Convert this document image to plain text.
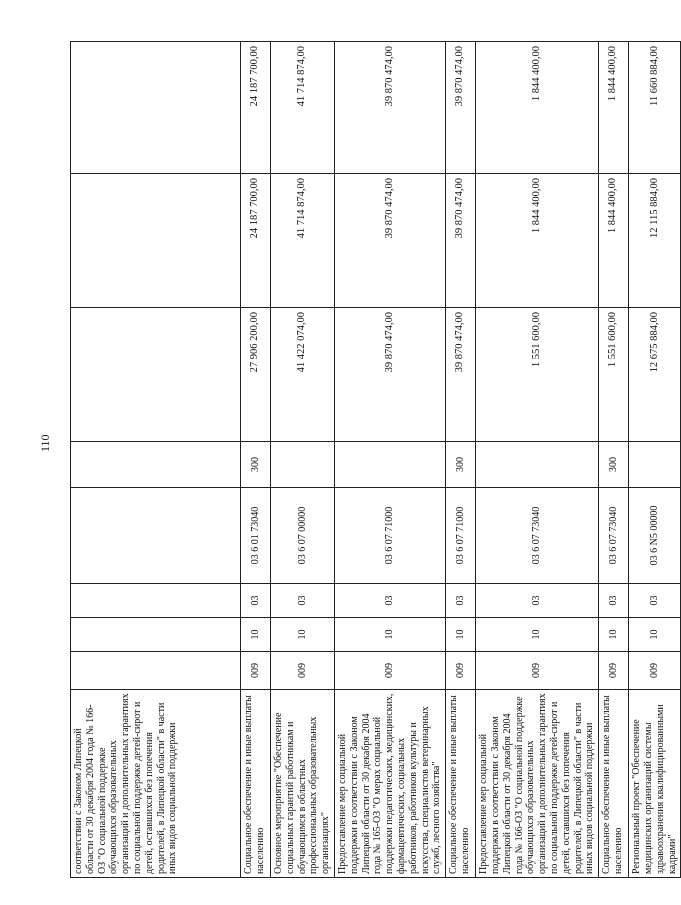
110
соответствии с Законом Липецкой области от 30 декабря 2004 года № 166-ОЗ "О социальной поддержке обучающихся образовательных организаций и дополнительных гарантиях по социальной поддержке детей-сирот и детей, оставшихся без попечения родителей, в Липецкой области" в части иных видов социальной поддержки								
Социальное обеспечение и иные выплаты населению	009	10	03	03 6 01 73040	300	27 906 200,00	24 187 700,00	24 187 700,00
Основное мероприятие "Обеспечение социальных гарантий работникам и обучающимся в областных профессиональных образовательных организациях"	009	10	03	03 6 07 00000		41 422 074,00	41 714 874,00	41 714 874,00
Предоставление мер социальной поддержки в соответствии с Законом Липецкой области от 30 декабря 2004 года № 165-ОЗ "О мерах социальной поддержки педагогических, медицинских, фармацевтических, социальных работников, работников культуры и искусства, специалистов ветеринарных служб, лесного хозяйства"	009	10	03	03 6 07 71000		39 870 474,00	39 870 474,00	39 870 474,00
Социальное обеспечение и иные выплаты населению	009	10	03	03 6 07 71000	300	39 870 474,00	39 870 474,00	39 870 474,00
Предоставление мер социальной поддержки в соответствии с Законом Липецкой области от 30 декабря 2004 года № 166-ОЗ "О социальной поддержке обучающихся образовательных организаций и дополнительных гарантиях по социальной поддержке детей-сирот и детей, оставшихся без попечения родителей, в Липецкой области" в части иных видов социальной поддержки	009	10	03	03 6 07 73040		1 551 600,00	1 844 400,00	1 844 400,00
Социальное обеспечение и иные выплаты населению	009	10	03	03 6 07 73040	300	1 551 600,00	1 844 400,00	1 844 400,00
Региональный проект "Обеспечение медицинских организаций системы здравоохранения квалифицированными кадрами"	009	10	03	03 6 N5 00000		12 675 884,00	12 115 884,00	11 660 884,00
